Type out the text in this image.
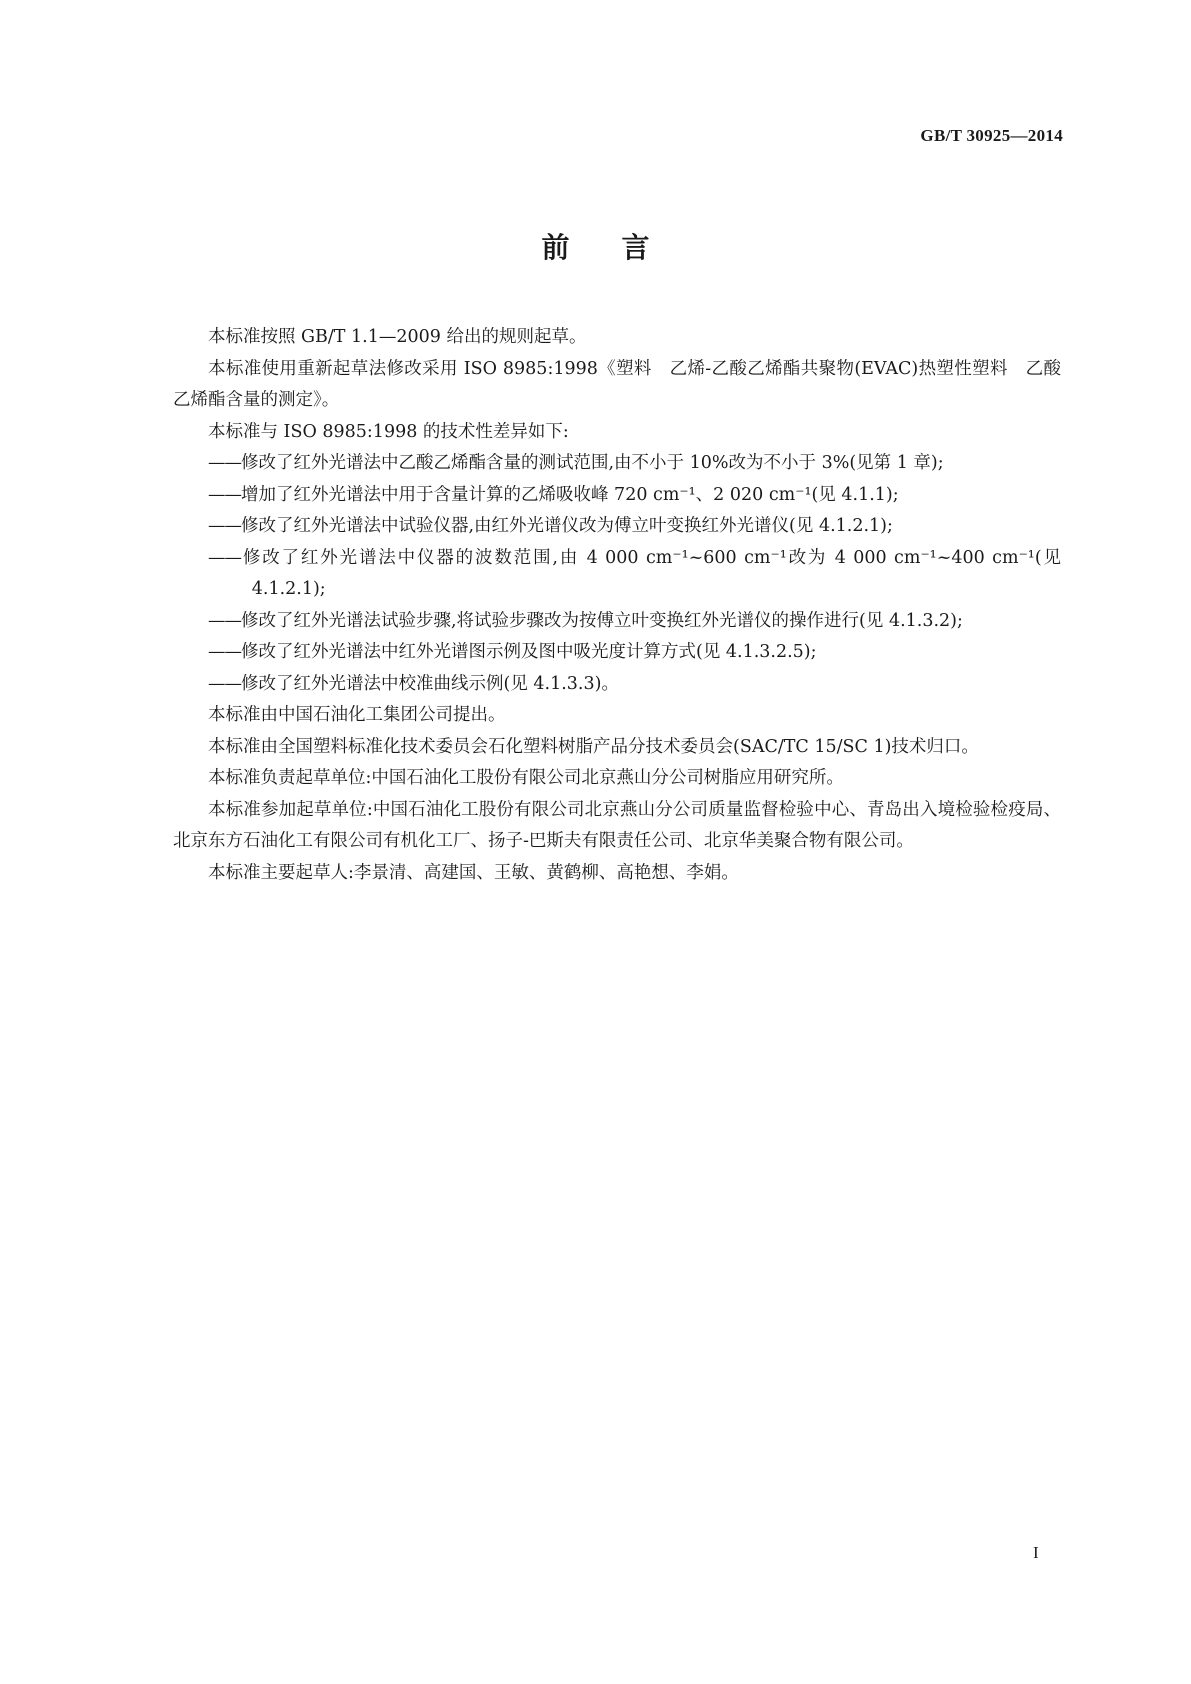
GB/T 30925—2014
前 言

本标准按照 GB/T 1.1—2009 给出的规则起草。

本标准使用重新起草法修改采用 ISO 8985:1998《塑料　乙烯-乙酸乙烯酯共聚物(EVAC)热塑性塑料　乙酸乙烯酯含量的测定》。

本标准与 ISO 8985:1998 的技术性差异如下:

——修改了红外光谱法中乙酸乙烯酯含量的测试范围,由不小于 10%改为不小于 3%(见第 1 章);

——增加了红外光谱法中用于含量计算的乙烯吸收峰 720 cm⁻¹、2 020 cm⁻¹(见 4.1.1);

——修改了红外光谱法中试验仪器,由红外光谱仪改为傅立叶变换红外光谱仪(见 4.1.2.1);

——修改了红外光谱法中仪器的波数范围,由 4 000 cm⁻¹~600 cm⁻¹改为 4 000 cm⁻¹~400 cm⁻¹(见 4.1.2.1);

——修改了红外光谱法试验步骤,将试验步骤改为按傅立叶变换红外光谱仪的操作进行(见 4.1.3.2);

——修改了红外光谱法中红外光谱图示例及图中吸光度计算方式(见 4.1.3.2.5);

——修改了红外光谱法中校准曲线示例(见 4.1.3.3)。

本标准由中国石油化工集团公司提出。

本标准由全国塑料标准化技术委员会石化塑料树脂产品分技术委员会(SAC/TC 15/SC 1)技术归口。

本标准负责起草单位:中国石油化工股份有限公司北京燕山分公司树脂应用研究所。

本标准参加起草单位:中国石油化工股份有限公司北京燕山分公司质量监督检验中心、青岛出入境检验检疫局、北京东方石油化工有限公司有机化工厂、扬子-巴斯夫有限责任公司、北京华美聚合物有限公司。

本标准主要起草人:李景清、高建国、王敏、黄鹤柳、高艳想、李娟。

I
